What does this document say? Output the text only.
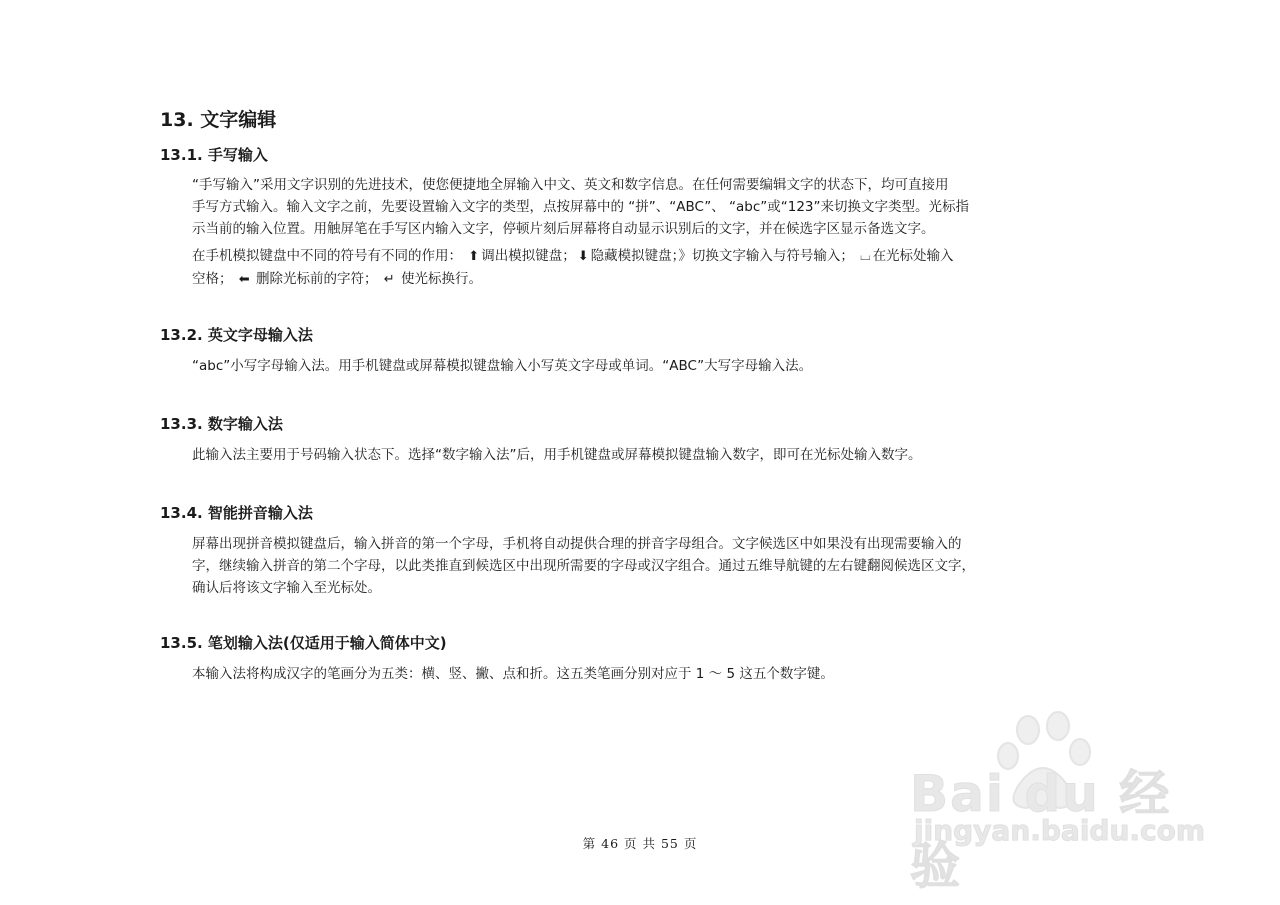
13. 文字编辑
13.1. 手写输入
“手写输入”采用文字识别的先进技术，使您便捷地全屏输入中文、英文和数字信息。在任何需要编辑文字的状态下，均可直接用
手写方式输入。输入文字之前，先要设置输入文字的类型，点按屏幕中的 “拼”、“ABC”、 “abc”或“123”来切换文字类型。光标指
示当前的输入位置。用触屏笔在手写区内输入文字，停顿片刻后屏幕将自动显示识别后的文字，并在候选字区显示备选文字。
在手机模拟键盘中不同的符号有不同的作用： ⬆ 调出模拟键盘； ⬇ 隐藏模拟键盘；》切换文字输入与符号输入； ⌴ 在光标处输入
空格； ⬅ 删除光标前的字符； ↵ 使光标换行。
13.2. 英文字母输入法
“abc”小写字母输入法。用手机键盘或屏幕模拟键盘输入小写英文字母或单词。“ABC”大写字母输入法。
13.3. 数字输入法
此输入法主要用于号码输入状态下。选择“数字输入法”后，用手机键盘或屏幕模拟键盘输入数字，即可在光标处输入数字。
13.4. 智能拼音输入法
屏幕出现拼音模拟键盘后，输入拼音的第一个字母，手机将自动提供合理的拼音字母组合。文字候选区中如果没有出现需要输入的
字，继续输入拼音的第二个字母，以此类推直到候选区中出现所需要的字母或汉字组合。通过五维导航键的左右键翻阅候选区文字，
确认后将该文字输入至光标处。
13.5. 笔划输入法(仅适用于输入简体中文)
本输入法将构成汉字的笔画分为五类：横、竖、撇、点和折。这五类笔画分别对应于 1 ～ 5 这五个数字键。
Bai du 经验
jingyan.baidu.com
第 46 页 共 55 页
